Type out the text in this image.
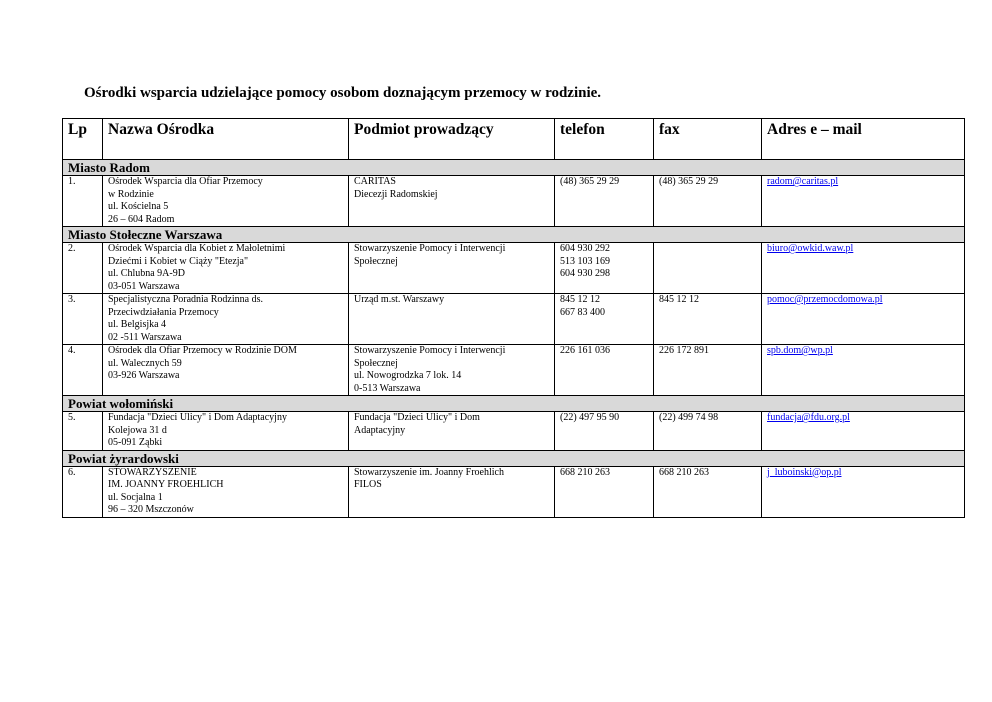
Ośrodki wsparcia udzielające pomocy osobom doznającym przemocy w rodzinie.
Lp	Nazwa Ośrodka	Podmiot prowadzący	telefon	fax	Adres e – mail
Miasto Radom					
1.	Ośrodek Wsparcia dla Ofiar Przemocy
w Rodzinie
ul. Kościelna 5
26 – 604 Radom	CARITAS
Diecezji Radomskiej	(48) 365 29 29	(48) 365 29 29	radom@caritas.pl
Miasto Stołeczne Warszawa					
2.	Ośrodek Wsparcia dla Kobiet z Małoletnimi
Dziećmi i Kobiet w Ciąży "Etezja"
ul. Chlubna 9A-9D
03-051 Warszawa	Stowarzyszenie Pomocy i Interwencji
Społecznej	604 930 292
513 103 169
604 930 298		biuro@owkid.waw.pl
3.	Specjalistyczna Poradnia Rodzinna ds.
Przeciwdziałania Przemocy
ul. Belgisjka 4
02 -511 Warszawa	Urząd m.st. Warszawy	845 12 12
667 83 400	845 12 12	pomoc@przemocdomowa.pl
4.	Ośrodek dla Ofiar Przemocy w Rodzinie DOM
ul. Walecznych 59
03-926 Warszawa	Stowarzyszenie Pomocy i Interwencji
Społecznej
ul. Nowogrodzka 7 lok. 14
0-513 Warszawa	226 161 036	226 172 891	spb.dom@wp.pl
Powiat wołomiński					
5.	Fundacja "Dzieci Ulicy" i Dom Adaptacyjny
Kolejowa 31 d
05-091 Ząbki	Fundacja "Dzieci Ulicy" i Dom
Adaptacyjny	(22) 497 95 90	(22) 499 74 98	fundacja@fdu.org.pl
Powiat żyrardowski					
6.	STOWARZYSZENIE
IM. JOANNY FROEHLICH
ul. Socjalna 1
96 – 320 Mszczonów	Stowarzyszenie im. Joanny Froehlich
FILOS	668 210 263	668 210 263	j_luboinski@op.pl
